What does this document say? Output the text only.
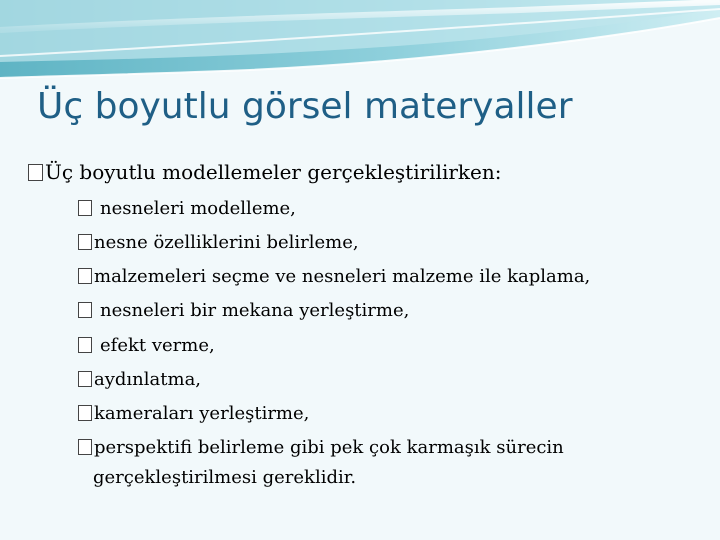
Üç boyutlu görsel materyaller
Üç boyutlu modellemeler gerçekleştirilirken:
nesneleri modelleme,
nesne özelliklerini belirleme,
malzemeleri seçme ve nesneleri malzeme ile kaplama,
nesneleri bir mekana yerleştirme,
efekt verme,
aydınlatma,
kameraları yerleştirme,
perspektifi belirleme gibi pek çok karmaşık sürecin
gerçekleştirilmesi gereklidir.
